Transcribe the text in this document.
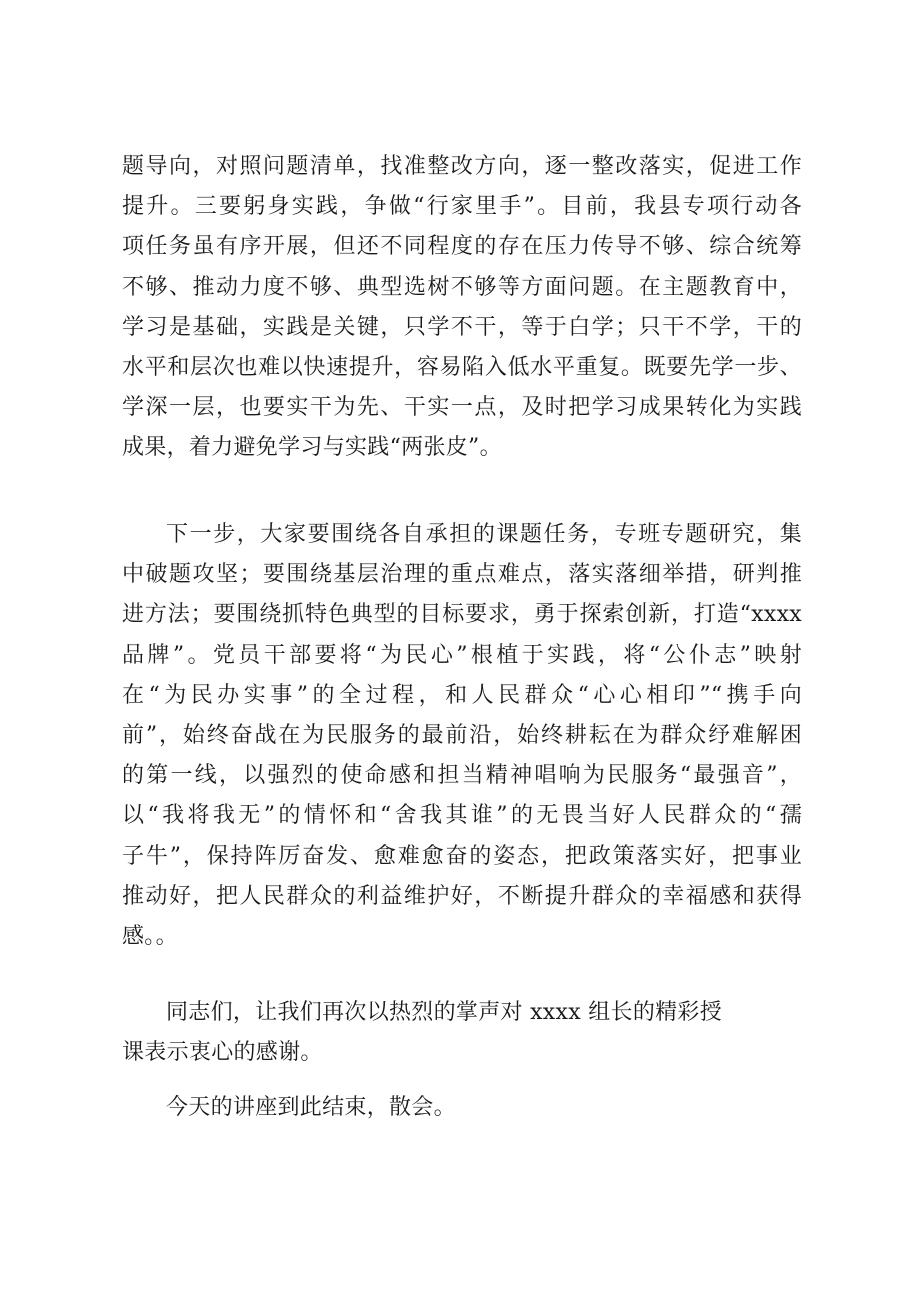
题导向，对照问题清单，找准整改方向，逐一整改落实，促进工作
提升。三要躬身实践，争做“行家里手”。目前，我县专项行动各
项任务虽有序开展，但还不同程度的存在压力传导不够、综合统筹
不够、推动力度不够、典型选树不够等方面问题。在主题教育中，
学习是基础，实践是关键，只学不干，等于白学；只干不学，干的
水平和层次也难以快速提升，容易陷入低水平重复。既要先学一步、
学深一层，也要实干为先、干实一点，及时把学习成果转化为实践
成果，着力避免学习与实践“两张皮”。
下一步，大家要围绕各自承担的课题任务，专班专题研究，集
中破题攻坚；要围绕基层治理的重点难点，落实落细举措，研判推
进方法；要围绕抓特色典型的目标要求，勇于探索创新，打造“xxxx
品牌”。党员干部要将“为民心”根植于实践，将“公仆志”映射
在“为民办实事”的全过程，和人民群众“心心相印”“携手向
前”，始终奋战在为民服务的最前沿，始终耕耘在为群众纾难解困
的第一线，以强烈的使命感和担当精神唱响为民服务“最强音”，
以“我将我无”的情怀和“舍我其谁”的无畏当好人民群众的“孺
子牛”，保持阵厉奋发、愈难愈奋的姿态，把政策落实好，把事业
推动好，把人民群众的利益维护好，不断提升群众的幸福感和获得
感。。
同志们，让我们再次以热烈的掌声对 xxxx 组长的精彩授
课表示衷心的感谢。
今天的讲座到此结束，散会。
